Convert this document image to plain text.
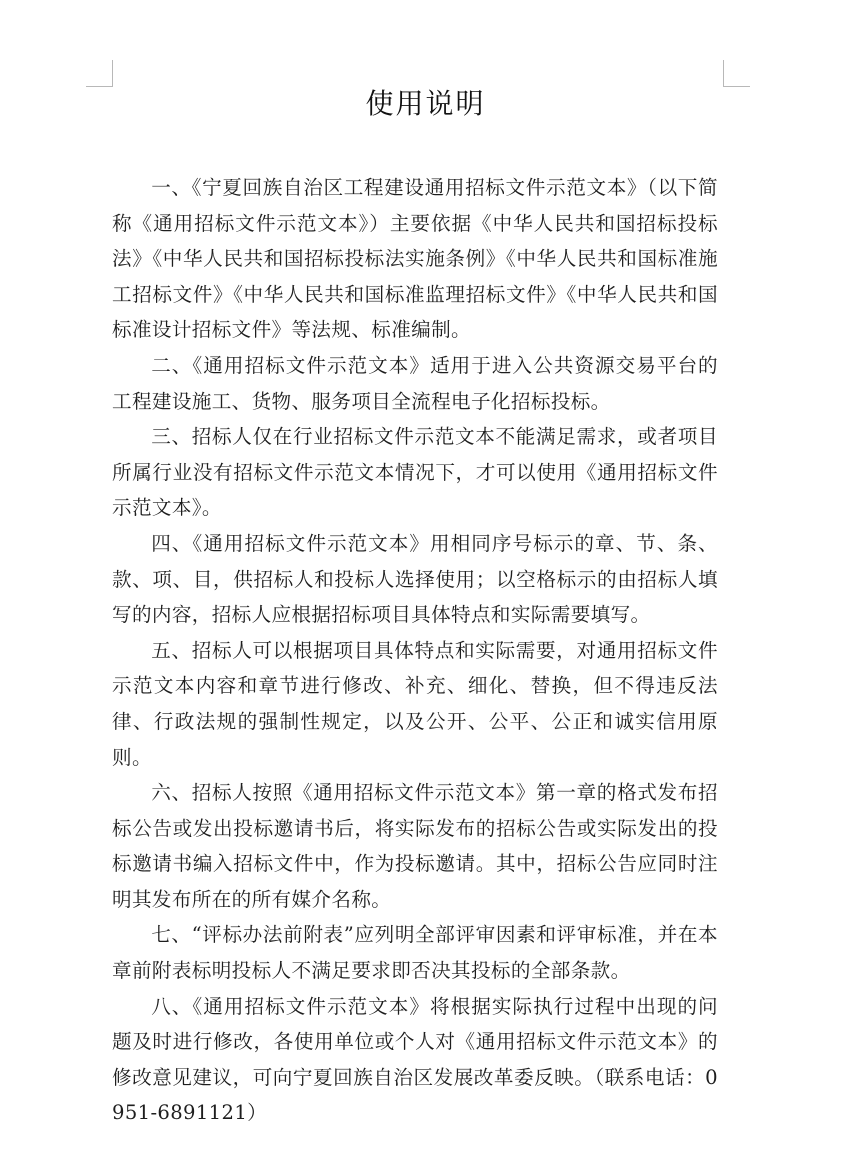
使用说明

一、《宁夏回族自治区工程建设通用招标文件示范文本》（以下简称《通用招标文件示范文本》）主要依据《中华人民共和国招标投标法》《中华人民共和国招标投标法实施条例》《中华人民共和国标准施工招标文件》《中华人民共和国标准监理招标文件》《中华人民共和国标准设计招标文件》等法规、标准编制。

二、《通用招标文件示范文本》适用于进入公共资源交易平台的工程建设施工、货物、服务项目全流程电子化招标投标。

三、招标人仅在行业招标文件示范文本不能满足需求，或者项目所属行业没有招标文件示范文本情况下，才可以使用《通用招标文件示范文本》。

四、《通用招标文件示范文本》用相同序号标示的章、节、条、款、项、目，供招标人和投标人选择使用；以空格标示的由招标人填写的内容，招标人应根据招标项目具体特点和实际需要填写。

五、招标人可以根据项目具体特点和实际需要，对通用招标文件示范文本内容和章节进行修改、补充、细化、替换，但不得违反法律、行政法规的强制性规定，以及公开、公平、公正和诚实信用原则。

六、招标人按照《通用招标文件示范文本》第一章的格式发布招标公告或发出投标邀请书后，将实际发布的招标公告或实际发出的投标邀请书编入招标文件中，作为投标邀请。其中，招标公告应同时注明其发布所在的所有媒介名称。

七、“评标办法前附表”应列明全部评审因素和评审标准，并在本章前附表标明投标人不满足要求即否决其投标的全部条款。

八、《通用招标文件示范文本》将根据实际执行过程中出现的问题及时进行修改，各使用单位或个人对《通用招标文件示范文本》的修改意见建议，可向宁夏回族自治区发展改革委反映。（联系电话：0951-6891121）
